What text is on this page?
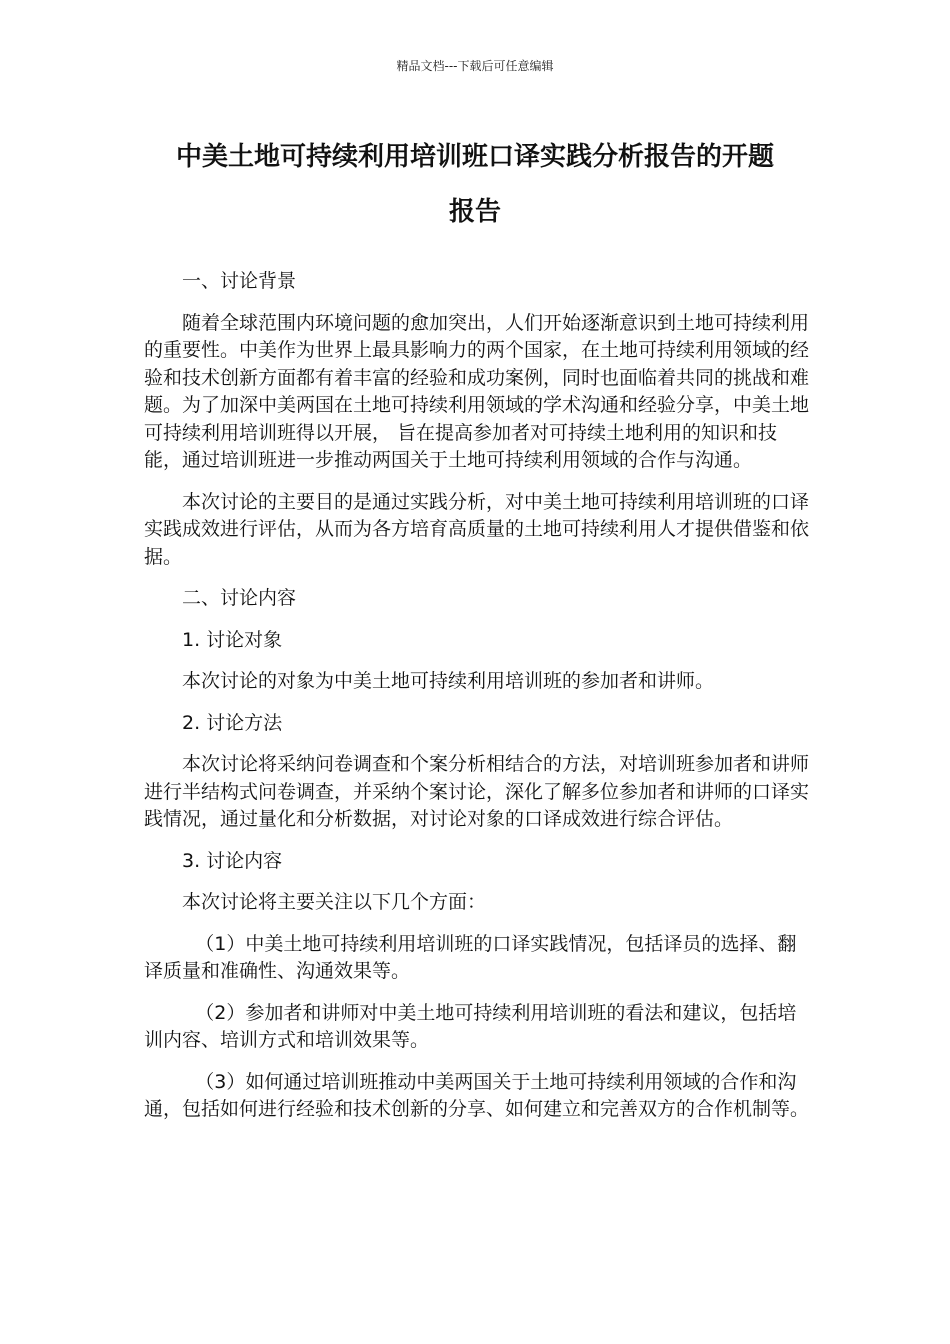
精品文档---下载后可任意编辑
中美土地可持续利用培训班口译实践分析报告的开题
报告

一、讨论背景

随着全球范围内环境问题的愈加突出，人们开始逐渐意识到土地可持续利用的重要性。中美作为世界上最具影响力的两个国家，在土地可持续利用领域的经验和技术创新方面都有着丰富的经验和成功案例，同时也面临着共同的挑战和难题。为了加深中美两国在土地可持续利用领域的学术沟通和经验分享，中美土地可持续利用培训班得以开展， 旨在提高参加者对可持续土地利用的知识和技能，通过培训班进一步推动两国关于土地可持续利用领域的合作与沟通。

本次讨论的主要目的是通过实践分析，对中美土地可持续利用培训班的口译实践成效进行评估，从而为各方培育高质量的土地可持续利用人才提供借鉴和依据。

二、讨论内容

1. 讨论对象

本次讨论的对象为中美土地可持续利用培训班的参加者和讲师。

2. 讨论方法

本次讨论将采纳问卷调查和个案分析相结合的方法，对培训班参加者和讲师进行半结构式问卷调查，并采纳个案讨论，深化了解多位参加者和讲师的口译实践情况，通过量化和分析数据，对讨论对象的口译成效进行综合评估。

3. 讨论内容

本次讨论将主要关注以下几个方面：

（1）中美土地可持续利用培训班的口译实践情况，包括译员的选择、翻译质量和准确性、沟通效果等。

（2）参加者和讲师对中美土地可持续利用培训班的看法和建议，包括培训内容、培训方式和培训效果等。

（3）如何通过培训班推动中美两国关于土地可持续利用领域的合作和沟通，包括如何进行经验和技术创新的分享、如何建立和完善双方的合作机制等。
